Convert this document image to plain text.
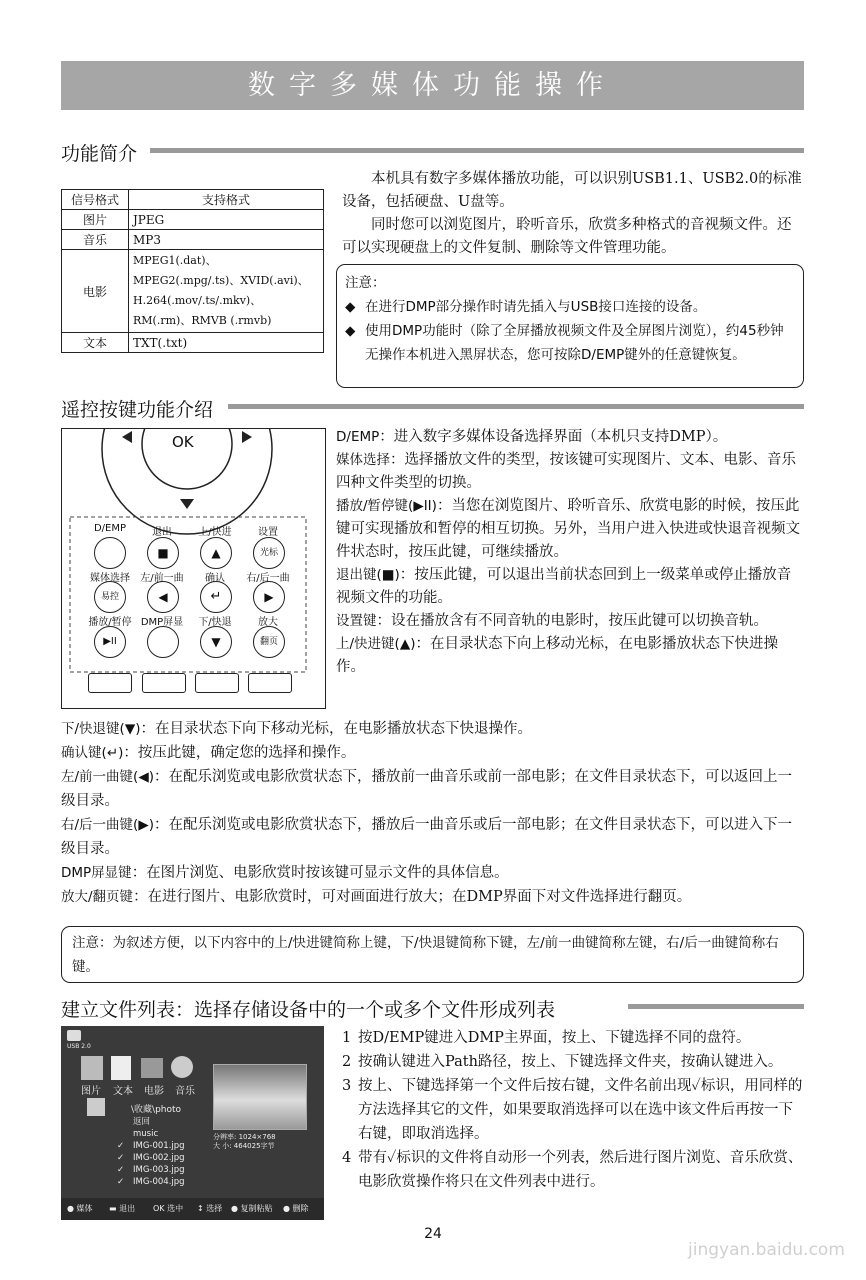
数字多媒体功能操作
功能简介
信号格式	支持格式
图片	JPEG
音乐	MP3
电影	MPEG1(.dat)、MPEG2(.mpg/.ts)、XVID(.avi)、H.264(.mov/.ts/.mkv)、RM(.rm)、RMVB (.rmvb)
文本	TXT(.txt)
本机具有数字多媒体播放功能，可以识别USB1.1、USB2.0的标准设备，包括硬盘、U盘等。
同时您可以浏览图片，聆听音乐，欣赏多种格式的音视频文件。还可以实现硬盘上的文件复制、删除等文件管理功能。
注意：
◆ 在进行DMP部分操作时请先插入与USB接口连接的设备。
◆ 使用DMP功能时（除了全屏播放视频文件及全屏图片浏览），约45秒钟无操作本机进入黑屏状态，您可按除D/EMP键外的任意键恢复。
遥控按键功能介绍
OK
D/EMP	退出	上/快进	设置
■	▲	光标
媒体选择	左/前一曲	确认	右/后一曲
易控	◀	↵	▶
播放/暂停 DMP屏显	下/快退	放大
▶II	▼	翻页
D/EMP：进入数字多媒体设备选择界面（本机只支持DMP）。
媒体选择：选择播放文件的类型，按该键可实现图片、文本、电影、音乐四种文件类型的切换。
播放/暂停键(▶II)：当您在浏览图片、聆听音乐、欣赏电影的时候，按压此键可实现播放和暂停的相互切换。另外，当用户进入快进或快退音视频文件状态时，按压此键，可继续播放。
退出键(■)：按压此键，可以退出当前状态回到上一级菜单或停止播放音视频文件的功能。
设置键：设在播放含有不同音轨的电影时，按压此键可以切换音轨。
上/快进键(▲)：在目录状态下向上移动光标，在电影播放状态下快进操作。
下/快退键(▼)：在目录状态下向下移动光标，在电影播放状态下快退操作。
确认键(↵)：按压此键，确定您的选择和操作。
左/前一曲键(◀)：在配乐浏览或电影欣赏状态下，播放前一曲音乐或前一部电影；在文件目录状态下，可以返回上一级目录。
右/后一曲键(▶)：在配乐浏览或电影欣赏状态下，播放后一曲音乐或后一部电影；在文件目录状态下，可以进入下一级目录。
DMP屏显键：在图片浏览、电影欣赏时按该键可显示文件的具体信息。
放大/翻页键：在进行图片、电影欣赏时，可对画面进行放大；在DMP界面下对文件选择进行翻页。
注意：为叙述方便，以下内容中的上/快进键简称上键，下/快退键简称下键，左/前一曲键简称左键，右/后一曲键简称右键。
建立文件列表：选择存储设备中的一个或多个文件形成列表
USB 2.0
图片 文本 电影 音乐
\收藏\photo
返回
music
✓ IMG-001.jpg
✓ IMG-002.jpg
✓ IMG-003.jpg
✓ IMG-004.jpg
分辨率: 1024×768
大 小: 464025字节
● 媒体 ▬ 退出 OK 选中 ↕ 选择 ● 复制粘贴 ● 删除
1 按D/EMP键进入DMP主界面，按上、下键选择不同的盘符。
2 按确认键进入Path路径，按上、下键选择文件夹，按确认键进入。
3 按上、下键选择第一个文件后按右键，文件名前出现✓标识，用同样的方法选择其它的文件，如果要取消选择可以在选中该文件后再按一下右键，即取消选择。
4 带有✓标识的文件将自动形一个列表，然后进行图片浏览、音乐欣赏、电影欣赏操作将只在文件列表中进行。
24
jingyan.baidu.com
